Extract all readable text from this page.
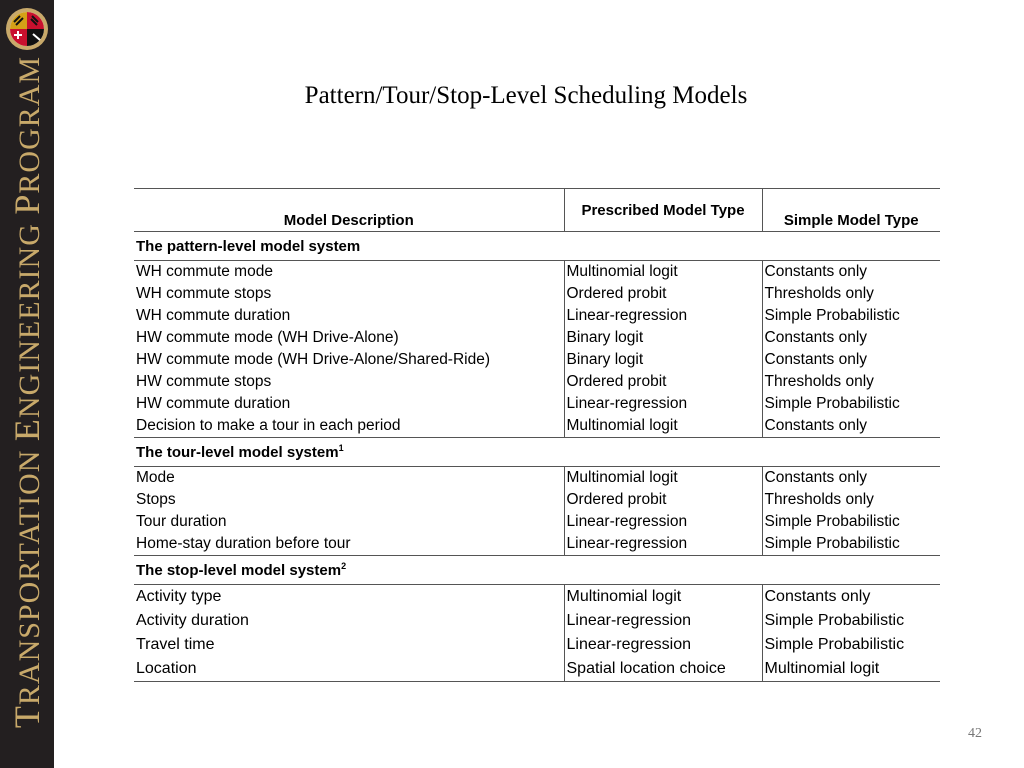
TRANSPORTATION ENGINEERING PROGRAM	Pattern/Tour/Stop-Level Scheduling Models
Model Description	Prescribed Model Type	Simple Model Type
The pattern-level model system		
WH commute mode	Multinomial logit	Constants only
WH commute stops	Ordered probit	Thresholds only
WH commute duration	Linear-regression	Simple Probabilistic
HW commute mode (WH Drive-Alone)	Binary logit	Constants only
HW commute mode (WH Drive-Alone/Shared-Ride)	Binary logit	Constants only
HW commute stops	Ordered probit	Thresholds only
HW commute duration	Linear-regression	Simple Probabilistic
Decision to make a tour in each period	Multinomial logit	Constants only
The tour-level model system$^1$
Mode	Multinomial logit	Constants only
Stops	Ordered probit	Thresholds only
Tour duration	Linear-regression	Simple Probabilistic
Home-stay duration before tour	Linear-regression	Simple Probabilistic
The stop-level model system$^2$
Activity type	Multinomial logit	Constants only
Activity duration	Linear-regression	Simple Probabilistic
Travel time	Linear-regression	Simple Probabilistic
Location	Spatial location choice	Multinomial logit
42
